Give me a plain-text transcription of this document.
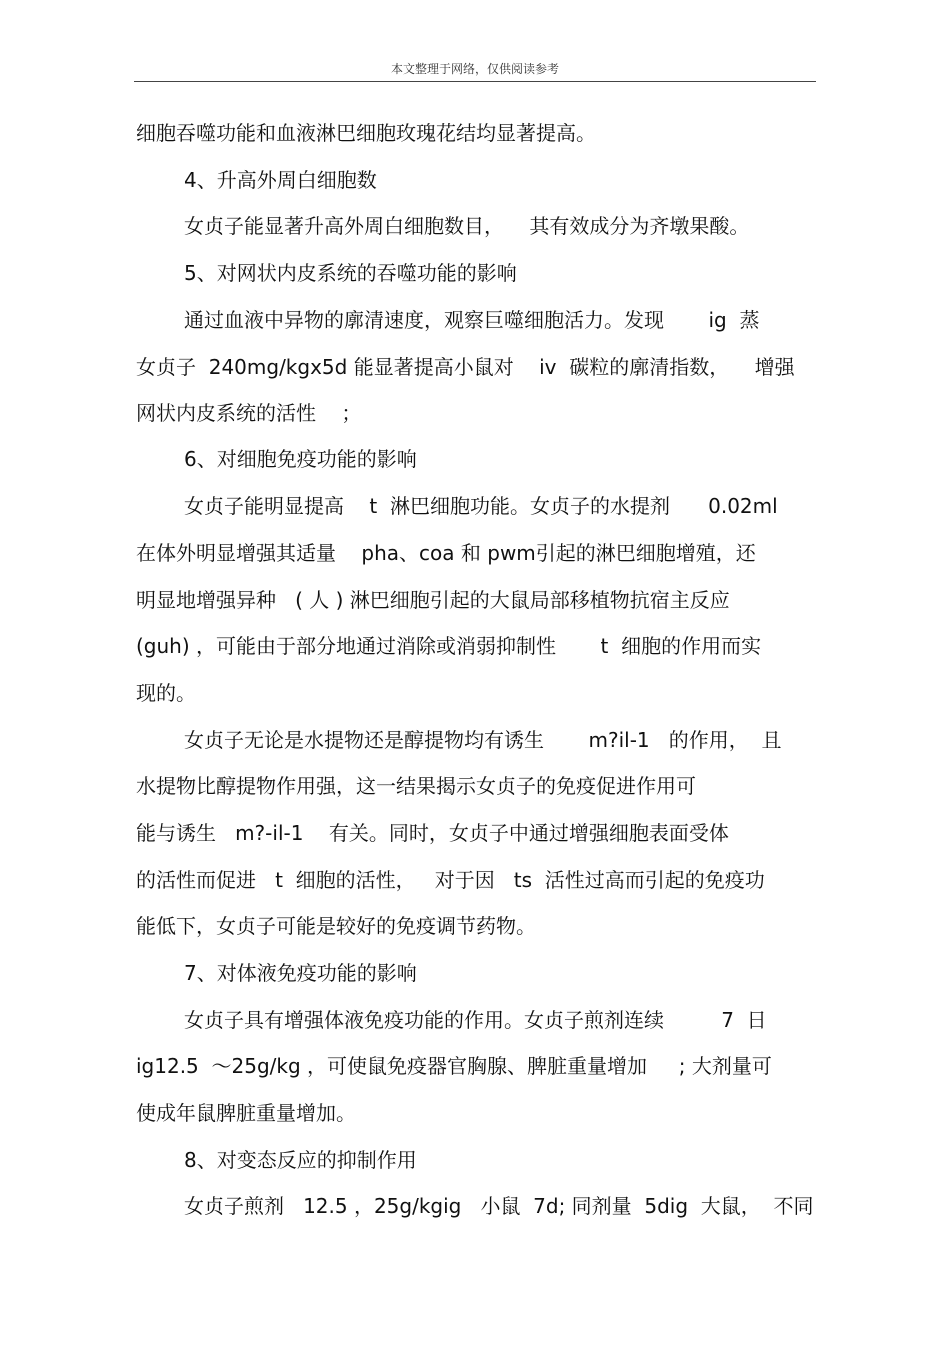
本文整理于网络，仅供阅读参考
细胞吞噬功能和血液淋巴细胞玫瑰花结均显著提高。
4、升高外周白细胞数
女贞子能显著升高外周白细胞数目，    其有效成分为齐墩果酸。
5、对网状内皮系统的吞噬功能的影响
通过血液中异物的廓清速度，观察巨噬细胞活力。发现       ig  蒸
女贞子  240mg/kgx5d 能显著提高小鼠对    iv  碳粒的廓清指数，    增强
网状内皮系统的活性    ；
6、对细胞免疫功能的影响
女贞子能明显提高    t  淋巴细胞功能。女贞子的水提剂      0.02ml
在体外明显增强其适量    pha、coa 和 pwm引起的淋巴细胞增殖，还
明显地增强异种   ( 人 ) 淋巴细胞引起的大鼠局部移植物抗宿主反应
(guh) ，可能由于部分地通过消除或消弱抑制性       t  细胞的作用而实
现的。
女贞子无论是水提物还是醇提物均有诱生       m?il-1   的作用，  且
水提物比醇提物作用强，这一结果揭示女贞子的免疫促进作用可
能与诱生   m?-il-1    有关。同时，女贞子中通过增强细胞表面受体
的活性而促进   t  细胞的活性，   对于因   ts  活性过高而引起的免疫功
能低下，女贞子可能是较好的免疫调节药物。
7、对体液免疫功能的影响
女贞子具有增强体液免疫功能的作用。女贞子煎剂连续         7  日
ig12.5  ～25g/kg ，可使鼠免疫器官胸腺、脾脏重量增加     ; 大剂量可
使成年鼠脾脏重量增加。
8、对变态反应的抑制作用
女贞子煎剂   12.5 ，25g/kgig   小鼠  7d; 同剂量  5dig  大鼠，  不同
